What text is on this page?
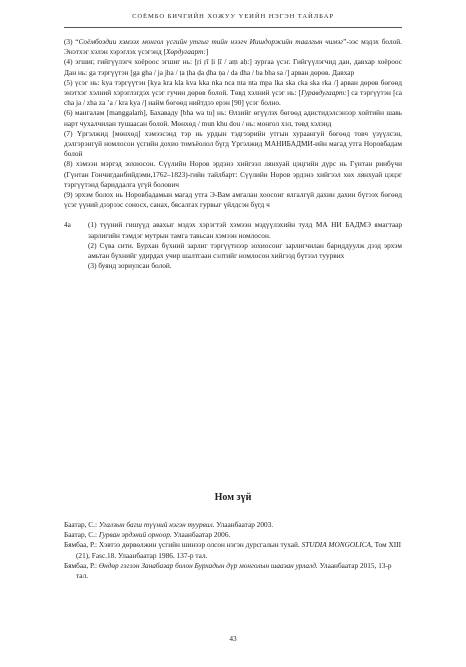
СОЁМБО БИЧГИЙН ХОЖУУ ҮЕИЙН НЭГЭН ТАЙЛБАР

(3) “Соёмбоэдии хэмээх монгол үсгийн утгыг тийн нээгч Иишдоржийн таалгын чимэг”-ээс мэдэх болой. Энэтхэг хэлэн хэрэглэх үсэгэнд [Хөрдугаарт:]

(4) эгшиг, гийгүүлэгч хоёроос эгшиг нь: [ṛi ṛī ḷi ḷī / aṃ aḥ:] зургаа үсэг. Гийгүүлэгчид дан, давхар хоёроос Дан нь: ga тэргүүтэн [ga gha / ja jha / ṭa ṭha ḍa ḍha ṇa / da dha / ba bha sa /] арван дөрөв. Давхар

(5) үсэг нь: kya тэргүүтэн [kya kra kla kva kka nka nca nta nta mpa lka ska cka ska rka /] арван дөрөв бөгөөд энэтхэг хэлний хэрэглэгдэх үсэг гучин дөрөв болой. Төвд хэлний үсэг нь: [Гуравдугаарт:] ca тэргүүтэн [ca cha ja / zha za ’a / kra kya /] найм бөгөөд нийтдээ ерэн [90] үсэг болно.

(6) мангалам [manggalaṁ], Бахаваду [bha wa tu] нь: Өлзийг өгүүлэх бөгөөд адистидэлсэнээр хойтийн шавь нарт чухалчилан тушаасан болой. Мөнхөд / mun khu dou / нь: монгол хэл, төвд хэлэнд

(7) Үргэлжид [мөнхөд] хэмээсэнд тэр нь урдын тэдгээрийн утгын хураангуй бөгөөд товч үзүүлсэн, дэлгэрэнгүй номлосон үсгийн дохио томъёолол бүгд Үргэлжид МАНИБАДМИ-ийн магад утга Норовбадам болой

(8) хэмээн мэргэд зохиосон. Сүүлийн Норов эрдэнэ хийгээл лянхуай цэцгийн дүрс нь Гүнтан ринбүчи (Гүнтан Гончигданбийдэми,1762–1823)-гийн тайлбарт: Сүүлийн Норов эрдэнэ хийгээл хөх лянхуай цэцэг тэргүүтэнд бариддалга үгүй болович

(9) эрхэм болох нь Норовбадамын магад утга Э-Вам амгалан хоосонг ялгалгүй дахин дахин бүтээх бөгөөд үсэг үүний дээрээс соносх, санах, бясалгах гурвыг үйлдсэн бүгд ч

4а	(1) түүний гишүүд авахыг мэдэх хэрэгтэй хэмээн мэдүүлэхийн тулд МА НИ БАДМЭ ямагтаар зарлигийн тэмдэг мутрын тамга тавьсан хэмээн номлосон.

(2) Сүва сити. Бурхан бүхний зарлиг тэргүүтнээр зохиосонг зарлигчилан бариддуулж дээд эрхэм амьтан бүхнийг удирдах учир шалтгаан сэлтийг номлосон хийгээд бүтээл туурвих

(3) буянд зориулсан болой.

Ном зүй

Баатар, С.: Угалзын багш түүний нэгэн туурвил. Улаанбаатар 2003.

Баатар, С.: Гурван эрдэний орноор. Улаанбаатар 2006.

Бямбаа, Р.: Хэвтээ дөрвөлжин үсгийн шинээр олсон нэгэн дурсгалын тухай. STUDIA MONGOLICA, Том XIII (21), Fasc.18. Улаанбаатар 1986. 137-р тал.

Бямбаа, Р.: Өндөр гэгээн Занабазар болон Бурхадын дүр монголын шаазан урлалд. Улаанбаатар 2015, 13-р тал.

43
